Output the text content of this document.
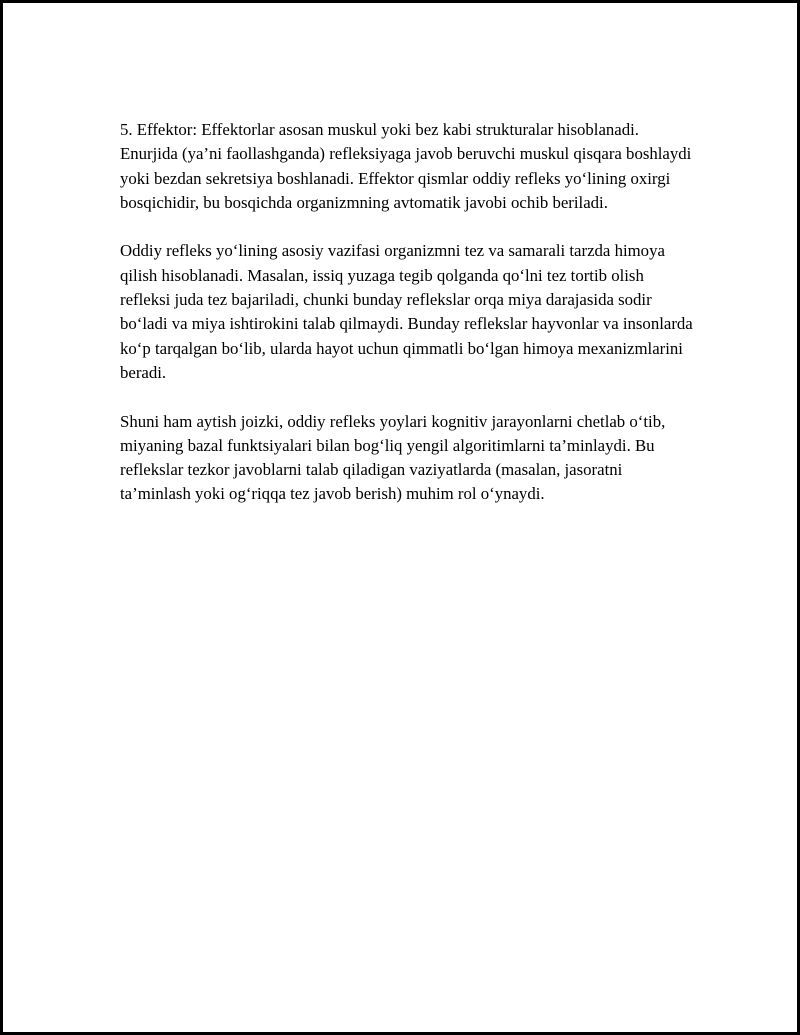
5. Effektor: Effektorlar asosan muskul yoki bez kabi strukturalar hisoblanadi. Enurjida (ya’ni faollashganda) refleksiyaga javob beruvchi muskul qisqara boshlaydi yoki bezdan sekretsiya boshlanadi. Effektor qismlar oddiy refleks yo‘lining oxirgi bosqichidir, bu bosqichda organizmning avtomatik javobi ochib beriladi.

Oddiy refleks yo‘lining asosiy vazifasi organizmni tez va samarali tarzda himoya qilish hisoblanadi. Masalan, issiq yuzaga tegib qolganda qo‘lni tez tortib olish refleksi juda tez bajariladi, chunki bunday reflekslar orqa miya darajasida sodir bo‘ladi va miya ishtirokini talab qilmaydi. Bunday reflekslar hayvonlar va insonlarda ko‘p tarqalgan bo‘lib, ularda hayot uchun qimmatli bo‘lgan himoya mexanizmlarini beradi.

Shuni ham aytish joizki, oddiy refleks yoylari kognitiv jarayonlarni chetlab o‘tib, miyaning bazal funktsiyalari bilan bog‘liq yengil algoritimlarni ta’minlaydi. Bu reflekslar tezkor javoblarni talab qiladigan vaziyatlarda (masalan, jasoratni ta’minlash yoki og‘riqqa tez javob berish) muhim rol o‘ynaydi.
